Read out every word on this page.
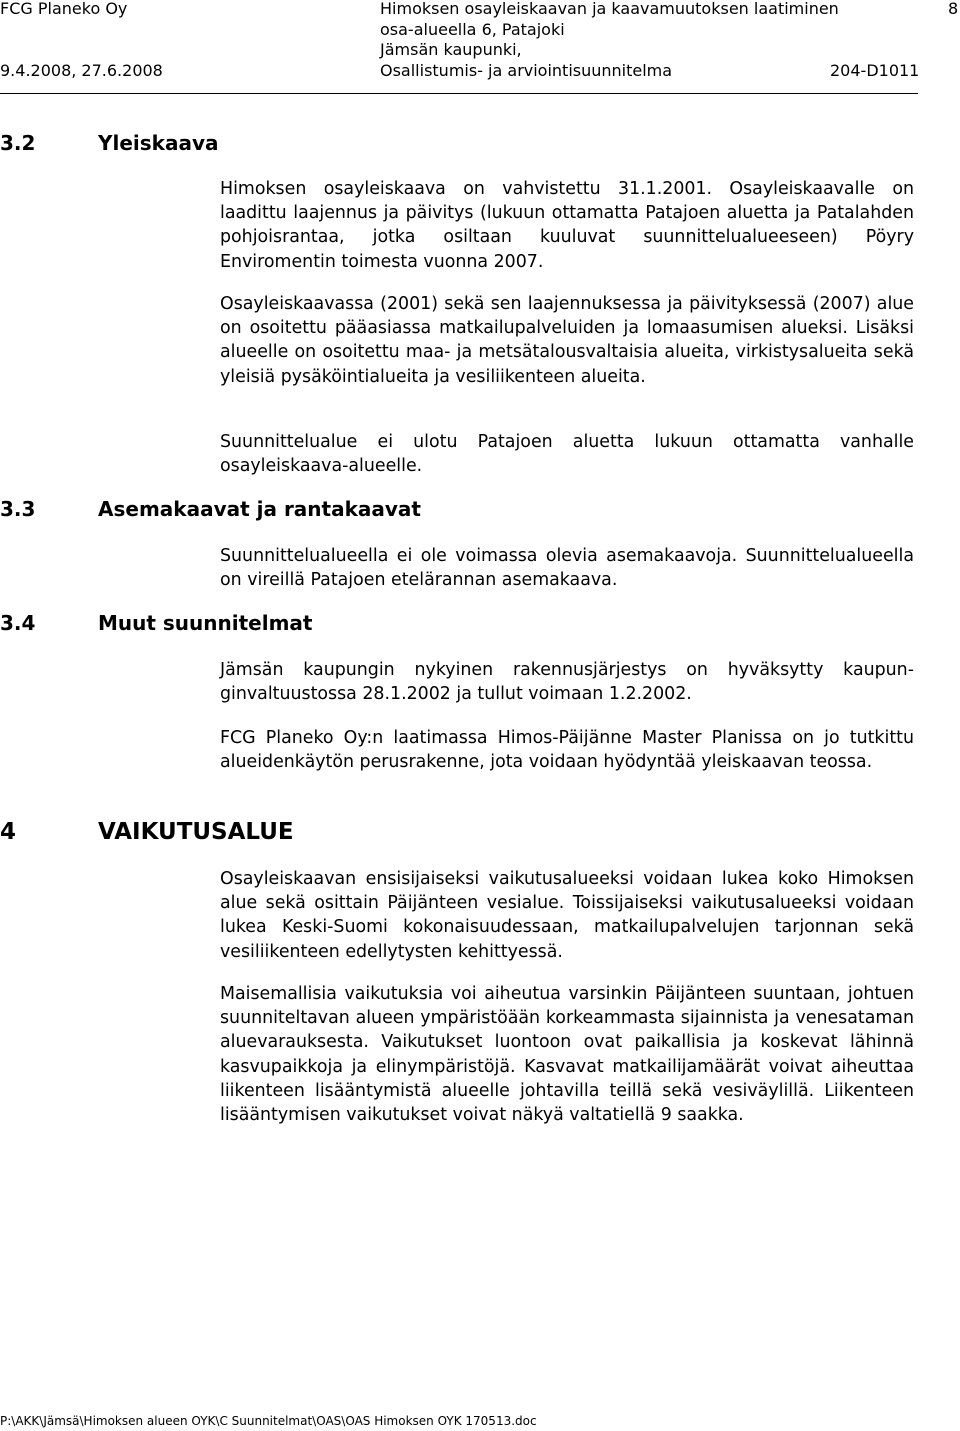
FCG Planeko Oy
9.4.2008, 27.6.2008
Himoksen osayleiskaavan ja kaavamuutoksen laatiminen
osa-alueella 6, Patajoki
Jämsän kaupunki,
Osallistumis- ja arviointisuunnitelma
8
204-D1011
3.2	Yleiskaava

Himoksen osayleiskaava on vahvistettu 31.1.2001. Osayleiskaavalle on laadittu laajennus ja päivitys (lukuun ottamatta Patajoen aluetta ja Patalahden pohjoisrantaa, jotka osiltaan kuuluvat suunnittelualueeseen) Pöyry Enviromentin toimesta vuonna 2007.

Osayleiskaavassa (2001) sekä sen laajennuksessa ja päivityksessä (2007) alue on osoitettu pääasiassa matkailupalveluiden ja lomaasumisen alueksi. Lisäksi alueelle on osoitettu maa- ja metsätalousvaltaisia alueita, virkistysalueita sekä yleisiä pysäköintialueita ja vesiliikenteen alueita.

Suunnittelualue ei ulotu Patajoen aluetta lukuun ottamatta vanhalle osayleiskaava-alueelle.

3.3	Asemakaavat ja rantakaavat

Suunnittelualueella ei ole voimassa olevia asemakaavoja. Suunnittelualueella on vireillä Patajoen etelärannan asemakaava.

3.4	Muut suunnitelmat

Jämsän kaupungin nykyinen rakennusjärjestys on hyväksytty kaupunginvaltuustossa 28.1.2002 ja tullut voimaan 1.2.2002.

FCG Planeko Oy:n laatimassa Himos-Päijänne Master Planissa on jo tutkittu alueidenkäytön perusrakenne, jota voidaan hyödyntää yleiskaavan teossa.

4	VAIKUTUSALUE

Osayleiskaavan ensisijaiseksi vaikutusalueeksi voidaan lukea koko Himoksen alue sekä osittain Päijänteen vesialue. Toissijaiseksi vaikutusalueeksi voidaan lukea Keski-Suomi kokonaisuudessaan, matkailupalvelujen tarjonnan sekä vesiliikenteen edellytysten kehittyessä.

Maisemallisia vaikutuksia voi aiheutua varsinkin Päijänteen suuntaan, johtuen suunniteltavan alueen ympäristöään korkeammasta sijainnista ja venesataman aluevarauksesta. Vaikutukset luontoon ovat paikallisia ja koskevat lähinnä kasvupaikkoja ja elinympäristöjä. Kasvavat matkailijamäärät voivat aiheuttaa liikenteen lisääntymistä alueelle johtavilla teillä sekä vesiväylillä. Liikenteen lisääntymisen vaikutukset voivat näkyä valtatiellä 9 saakka.

P:\AKK\Jämsä\Himoksen alueen OYK\C Suunnitelmat\OAS\OAS Himoksen OYK 170513.doc
